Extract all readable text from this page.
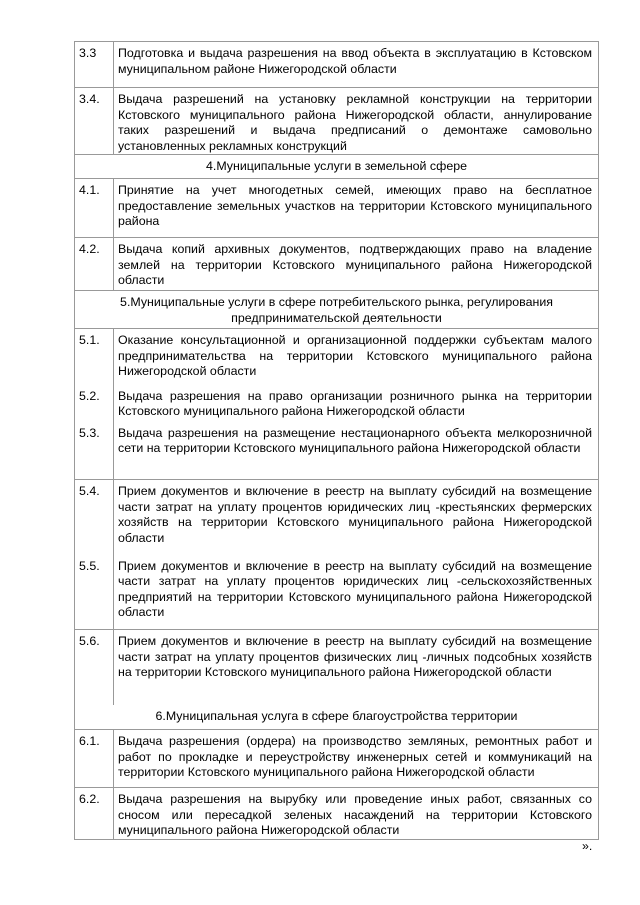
3.3	Подготовка и выдача разрешения на ввод объекта в эксплуатацию в Кстовском муниципальном районе Нижегородской области
3.4.	Выдача разрешений на установку рекламной конструкции на территории Кстовского муниципального района Нижегородской области, аннулирование таких разрешений и выдача предписаний о демонтаже самовольно установленных рекламных конструкций
4.Муниципальные услуги в земельной сфере	
4.1.	Принятие на учет многодетных семей, имеющих право на бесплатное предоставление земельных участков на территории Кстовского муниципального района
4.2.	Выдача копий архивных документов, подтверждающих право на владение землей на территории Кстовского муниципального района Нижегородской области
5.Муниципальные услуги в сфере потребительского рынка, регулирования предпринимательской деятельности	
5.1.	Оказание консультационной и организационной поддержки субъектам малого предпринимательства на территории Кстовского муниципального района Нижегородской области
5.2.	Выдача разрешения на право организации розничного рынка на территории Кстовского муниципального района Нижегородской области
5.3.	Выдача разрешения на размещение нестационарного объекта мелкорозничной сети на территории Кстовского муниципального района Нижегородской области
5.4.	Прием документов и включение в реестр на выплату субсидий на возмещение части затрат на уплату процентов юридических лиц -крестьянских фермерских хозяйств на территории Кстовского муниципального района Нижегородской области
5.5.	Прием документов и включение в реестр на выплату субсидий на возмещение части затрат на уплату процентов юридических лиц -сельскохозяйственных предприятий на территории Кстовского муниципального района Нижегородской области
5.6.	Прием документов и включение в реестр на выплату субсидий на возмещение части затрат на уплату процентов физических лиц -личных подсобных хозяйств на территории Кстовского муниципального района Нижегородской области
6.Муниципальная услуга в сфере благоустройства территории	
6.1.	Выдача разрешения (ордера) на производство земляных, ремонтных работ и работ по прокладке и переустройству инженерных сетей и коммуникаций на территории Кстовского муниципального района Нижегородской области
6.2.	Выдача разрешения на вырубку или проведение иных работ, связанных со сносом или пересадкой зеленых насаждений на территории Кстовского муниципального района Нижегородской области
».
